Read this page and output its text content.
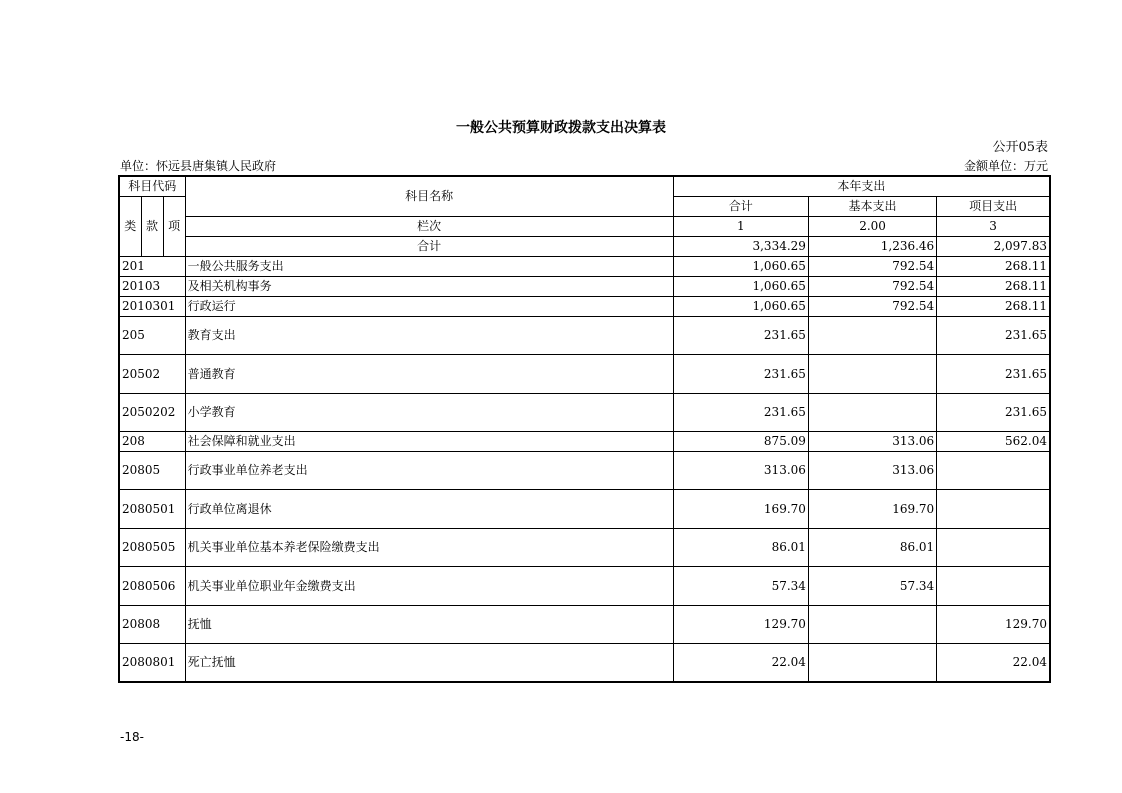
一般公共预算财政拨款支出决算表
公开05表
单位：怀远县唐集镇人民政府	金额单位：万元
科目代码			科目名称	本年支出		
类	款	项		合计	基本支出	项目支出
			栏次	1	2.00	3
			合计	3,334.29	1,236.46	2,097.83
201			一般公共服务支出	1,060.65	792.54	268.11
20103			及相关机构事务	1,060.65	792.54	268.11
2010301			行政运行	1,060.65	792.54	268.11
205			教育支出	231.65		231.65
20502			普通教育	231.65		231.65
2050202			小学教育	231.65		231.65
208			社会保障和就业支出	875.09	313.06	562.04
20805			行政事业单位养老支出	313.06	313.06	
2080501			行政单位离退休	169.70	169.70	
2080505			机关事业单位基本养老保险缴费支出	86.01	86.01	
2080506			机关事业单位职业年金缴费支出	57.34	57.34	
20808			抚恤	129.70		129.70
2080801			死亡抚恤	22.04		22.04
-18-
